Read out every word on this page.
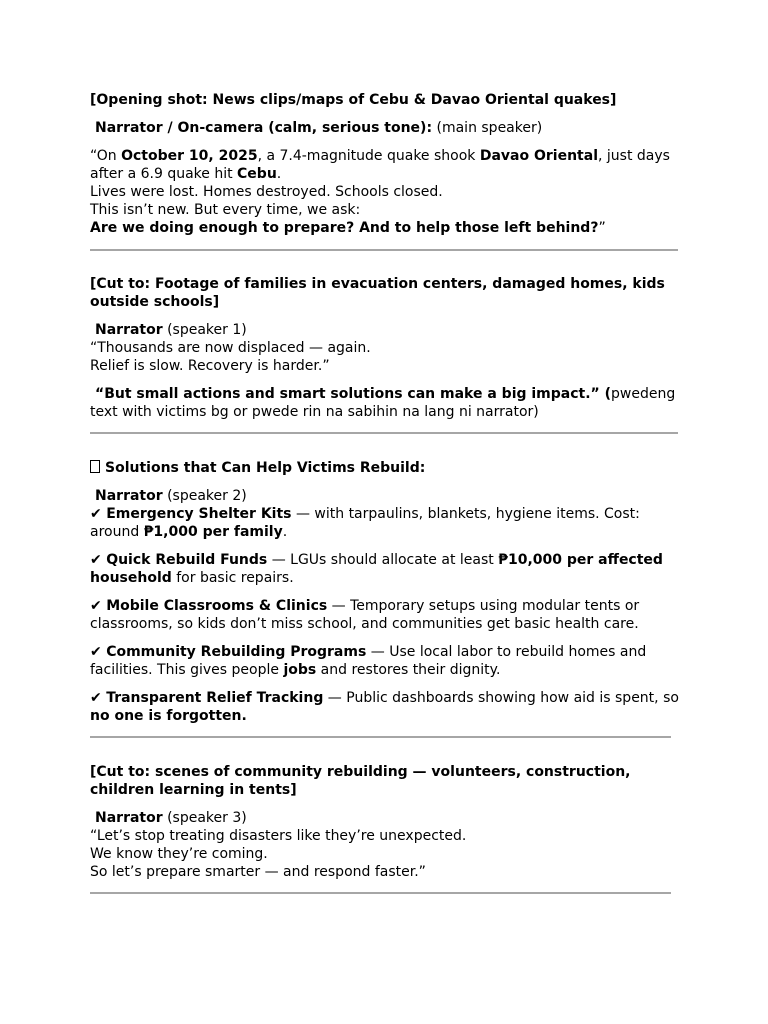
[Opening shot: News clips/maps of Cebu & Davao Oriental quakes]

Narrator / On-camera (calm, serious tone): (main speaker)

“On October 10, 2025, a 7.4-magnitude quake shook Davao Oriental, just days

after a 6.9 quake hit Cebu.

Lives were lost. Homes destroyed. Schools closed.

This isn’t new. But every time, we ask:

Are we doing enough to prepare? And to help those left behind?”

[Cut to: Footage of families in evacuation centers, damaged homes, kids

outside schools]

Narrator (speaker 1)

“Thousands are now displaced — again.

Relief is slow. Recovery is harder.”

“But small actions and smart solutions can make a big impact.” (pwedeng

text with victims bg or pwede rin na sabihin na lang ni narrator)

Solutions that Can Help Victims Rebuild:

Narrator (speaker 2)

✔ Emergency Shelter Kits — with tarpaulins, blankets, hygiene items. Cost:

around ₱1,000 per family.

✔ Quick Rebuild Funds — LGUs should allocate at least ₱10,000 per affected

household for basic repairs.

✔ Mobile Classrooms & Clinics — Temporary setups using modular tents or

classrooms, so kids don’t miss school, and communities get basic health care.

✔ Community Rebuilding Programs — Use local labor to rebuild homes and

facilities. This gives people jobs and restores their dignity.

✔ Transparent Relief Tracking — Public dashboards showing how aid is spent, so

no one is forgotten.

[Cut to: scenes of community rebuilding — volunteers, construction,

children learning in tents]

Narrator (speaker 3)

“Let’s stop treating disasters like they’re unexpected.

We know they’re coming.

So let’s prepare smarter — and respond faster.”
